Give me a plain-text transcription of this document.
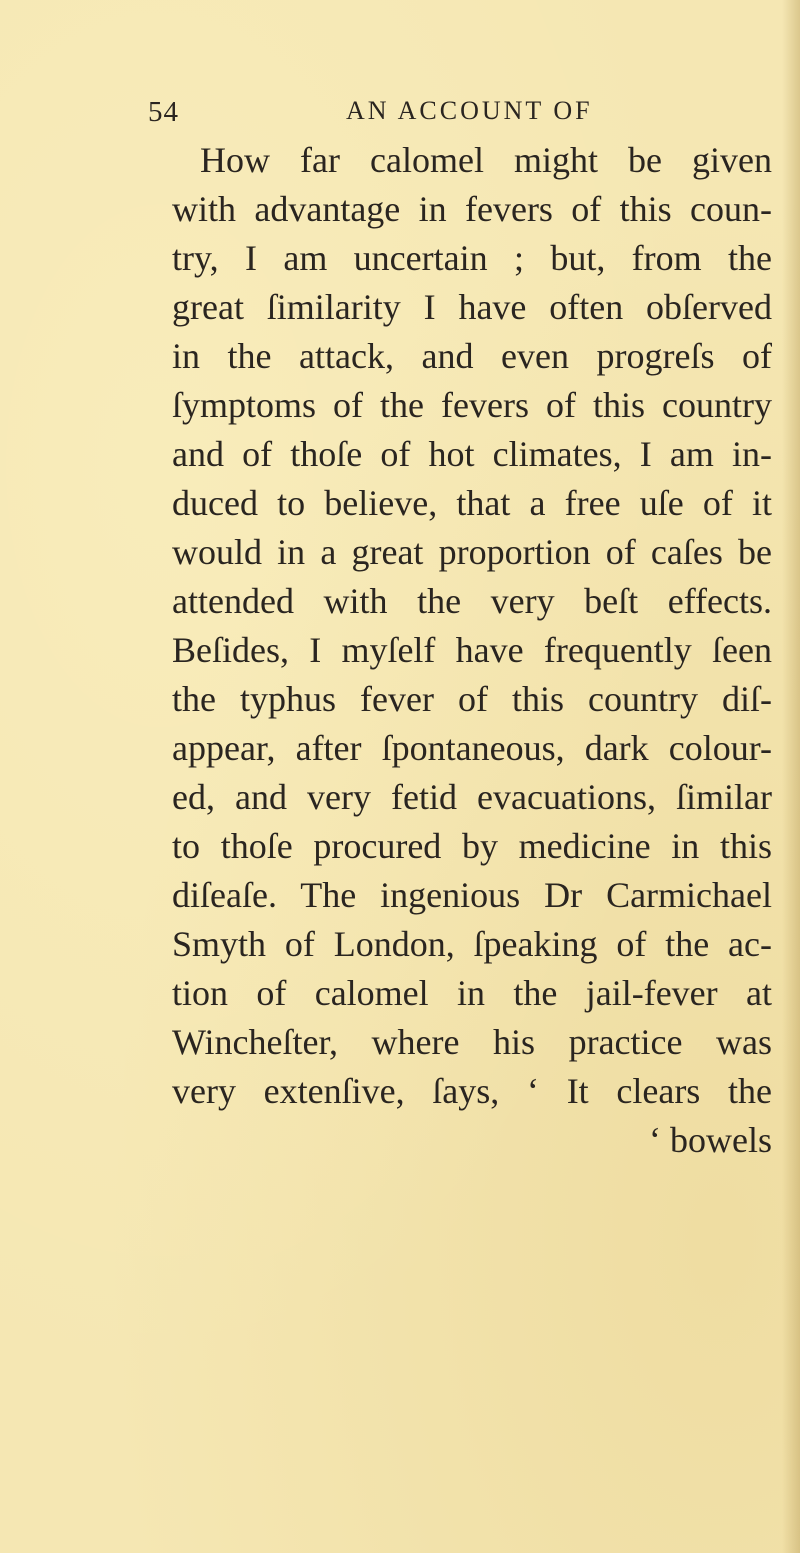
54	AN ACCOUNT OF
How far calomel might be given
with advantage in fevers of this coun-
try, I am uncertain ; but, from the
great ſimilarity I have often obſerved
in the attack, and even progreſs of
ſymptoms of the fevers of this country
and of thoſe of hot climates, I am in-
duced to believe, that a free uſe of it
would in a great proportion of caſes be
attended with the very beſt effects.
Beſides, I myſelf have frequently ſeen
the typhus fever of this country diſ-
appear, after ſpontaneous, dark colour-
ed, and very fetid evacuations, ſimilar
to thoſe procured by medicine in this
diſeaſe. The ingenious Dr Carmichael
Smyth of London, ſpeaking of the ac-
tion of calomel in the jail-fever at
Wincheſter, where his practice was
very extenſive, ſays, ‘ It clears the
‘ bowels
